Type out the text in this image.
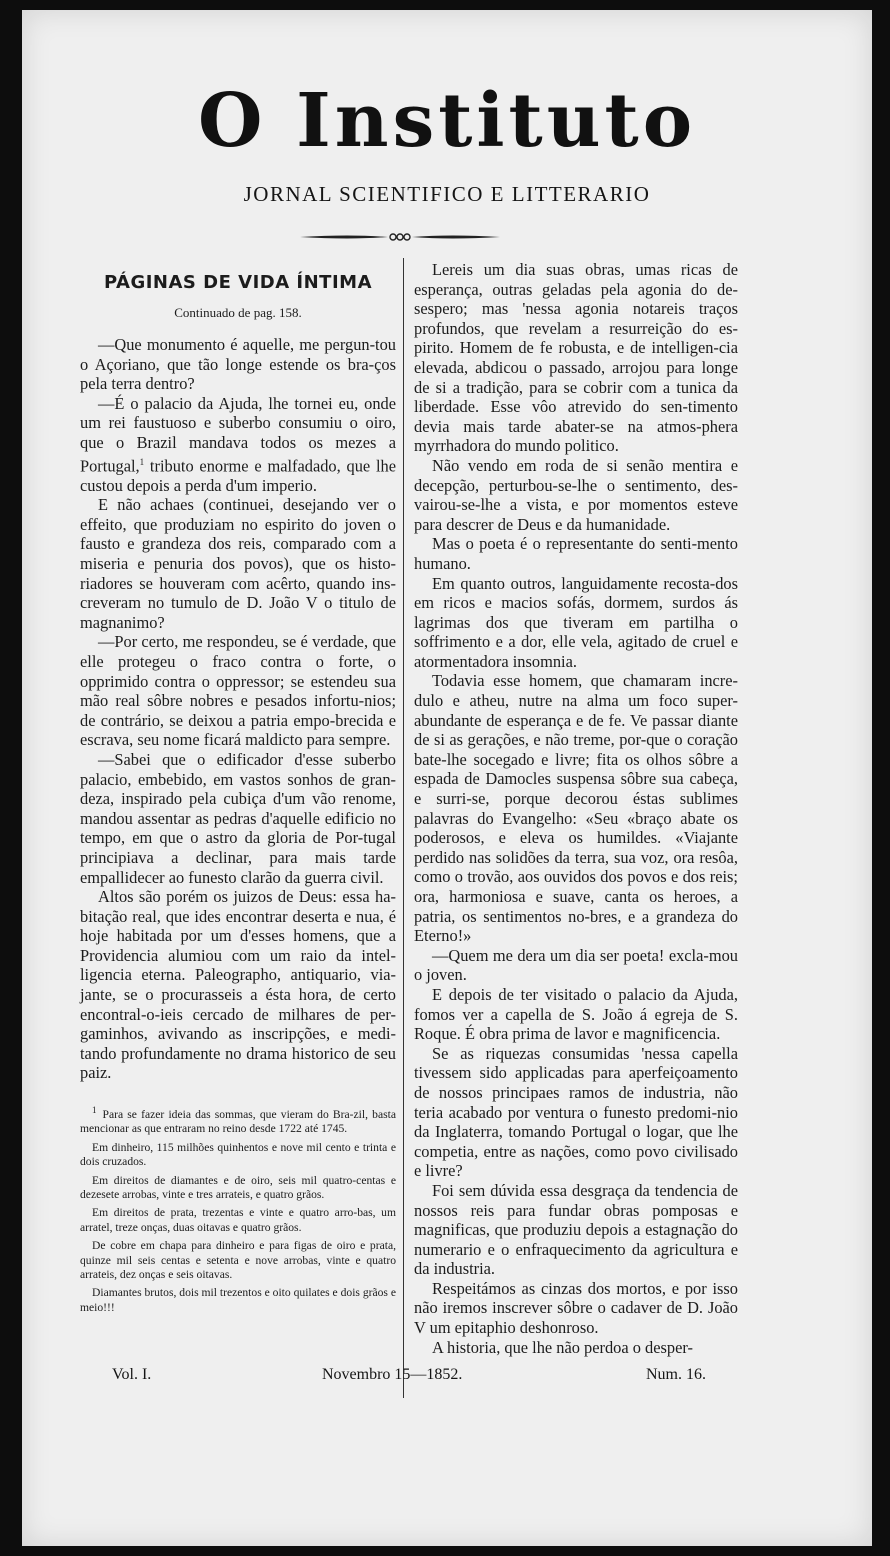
O Instituto
JORNAL SCIENTIFICO E LITTERARIO
PÁGINAS DE VIDA ÍNTIMA
Continuado de pag. 158.

—Que monumento é aquelle, me pergun-tou o Açoriano, que tão longe estende os bra-ços pela terra dentro?

—É o palacio da Ajuda, lhe tornei eu, onde um rei faustuoso e suberbo consumiu o oiro, que o Brazil mandava todos os mezes a Portugal,$^1$ tributo enorme e malfadado, que lhe custou depois a perda d'um imperio.

E não achaes (continuei, desejando ver o effeito, que produziam no espirito do joven o fausto e grandeza dos reis, comparado com a miseria e penuria dos povos), que os histo-riadores se houveram com acêrto, quando ins-creveram no tumulo de D. João V o titulo de magnanimo?

—Por certo, me respondeu, se é verdade, que elle protegeu o fraco contra o forte, o opprimido contra o oppressor; se estendeu sua mão real sôbre nobres e pesados infortu-nios; de contrário, se deixou a patria empo-brecida e escrava, seu nome ficará maldicto para sempre.

—Sabei que o edificador d'esse suberbo palacio, embebido, em vastos sonhos de gran-deza, inspirado pela cubiça d'um vão renome, mandou assentar as pedras d'aquelle edificio no tempo, em que o astro da gloria de Por-tugal principiava a declinar, para mais tarde empallidecer ao funesto clarão da guerra civil.

Altos são porém os juizos de Deus: essa ha-bitação real, que ides encontrar deserta e nua, é hoje habitada por um d'esses homens, que a Providencia alumiou com um raio da intel-ligencia eterna. Paleographo, antiquario, via-jante, se o procurasseis a ésta hora, de certo encontral-o-ieis cercado de milhares de per-gaminhos, avivando as inscripções, e medi-tando profundamente no drama historico de seu paiz.

$^1$ Para se fazer ideia das sommas, que vieram do Bra-zil, basta mencionar as que entraram no reino desde 1722 até 1745.

Em dinheiro, 115 milhões quinhentos e nove mil cento e trinta e dois cruzados.

Em direitos de diamantes e de oiro, seis mil quatro-centas e dezesete arrobas, vinte e tres arrateis, e quatro grãos.

Em direitos de prata, trezentas e vinte e quatro arro-bas, um arratel, treze onças, duas oitavas e quatro grãos.

De cobre em chapa para dinheiro e para figas de oiro e prata, quinze mil seis centas e setenta e nove arrobas, vinte e quatro arrateis, dez onças e seis oitavas.

Diamantes brutos, dois mil trezentos e oito quilates e dois grãos e meio!!!

Lereis um dia suas obras, umas ricas de esperança, outras geladas pela agonia do de-sespero; mas 'nessa agonia notareis traços profundos, que revelam a resurreição do es-pirito. Homem de fe robusta, e de intelligen-cia elevada, abdicou o passado, arrojou para longe de si a tradição, para se cobrir com a tunica da liberdade. Esse vôo atrevido do sen-timento devia mais tarde abater-se na atmos-phera myrrhadora do mundo politico.

Não vendo em roda de si senão mentira e decepção, perturbou-se-lhe o sentimento, des-vairou-se-lhe a vista, e por momentos esteve para descrer de Deus e da humanidade.

Mas o poeta é o representante do senti-mento humano.

Em quanto outros, languidamente recosta-dos em ricos e macios sofás, dormem, surdos ás lagrimas dos que tiveram em partilha o soffrimento e a dor, elle vela, agitado de cruel e atormentadora insomnia.

Todavia esse homem, que chamaram incre-dulo e atheu, nutre na alma um foco super-abundante de esperança e de fe. Ve passar diante de si as gerações, e não treme, por-que o coração bate-lhe socegado e livre; fita os olhos sôbre a espada de Damocles suspensa sôbre sua cabeça, e surri-se, porque decorou éstas sublimes palavras do Evangelho: «Seu «braço abate os poderosos, e eleva os humildes. «Viajante perdido nas solidões da terra, sua voz, ora resôa, como o trovão, aos ouvidos dos povos e dos reis; ora, harmoniosa e suave, canta os heroes, a patria, os sentimentos no-bres, e a grandeza do Eterno!»

—Quem me dera um dia ser poeta! excla-mou o joven.

E depois de ter visitado o palacio da Ajuda, fomos ver a capella de S. João á egreja de S. Roque. É obra prima de lavor e magnificencia.

Se as riquezas consumidas 'nessa capella tivessem sido applicadas para aperfeiçoamento de nossos principaes ramos de industria, não teria acabado por ventura o funesto predomi-nio da Inglaterra, tomando Portugal o logar, que lhe competia, entre as nações, como povo civilisado e livre?

Foi sem dúvida essa desgraça da tendencia de nossos reis para fundar obras pomposas e magnificas, que produziu depois a estagnação do numerario e o enfraquecimento da agricultura e da industria.

Respeitámos as cinzas dos mortos, e por isso não iremos inscrever sôbre o cadaver de D. João V um epitaphio deshonroso.

A historia, que lhe não perdoa o desper-

Vol. I.	Novembro 15—1852.	Num. 16.
